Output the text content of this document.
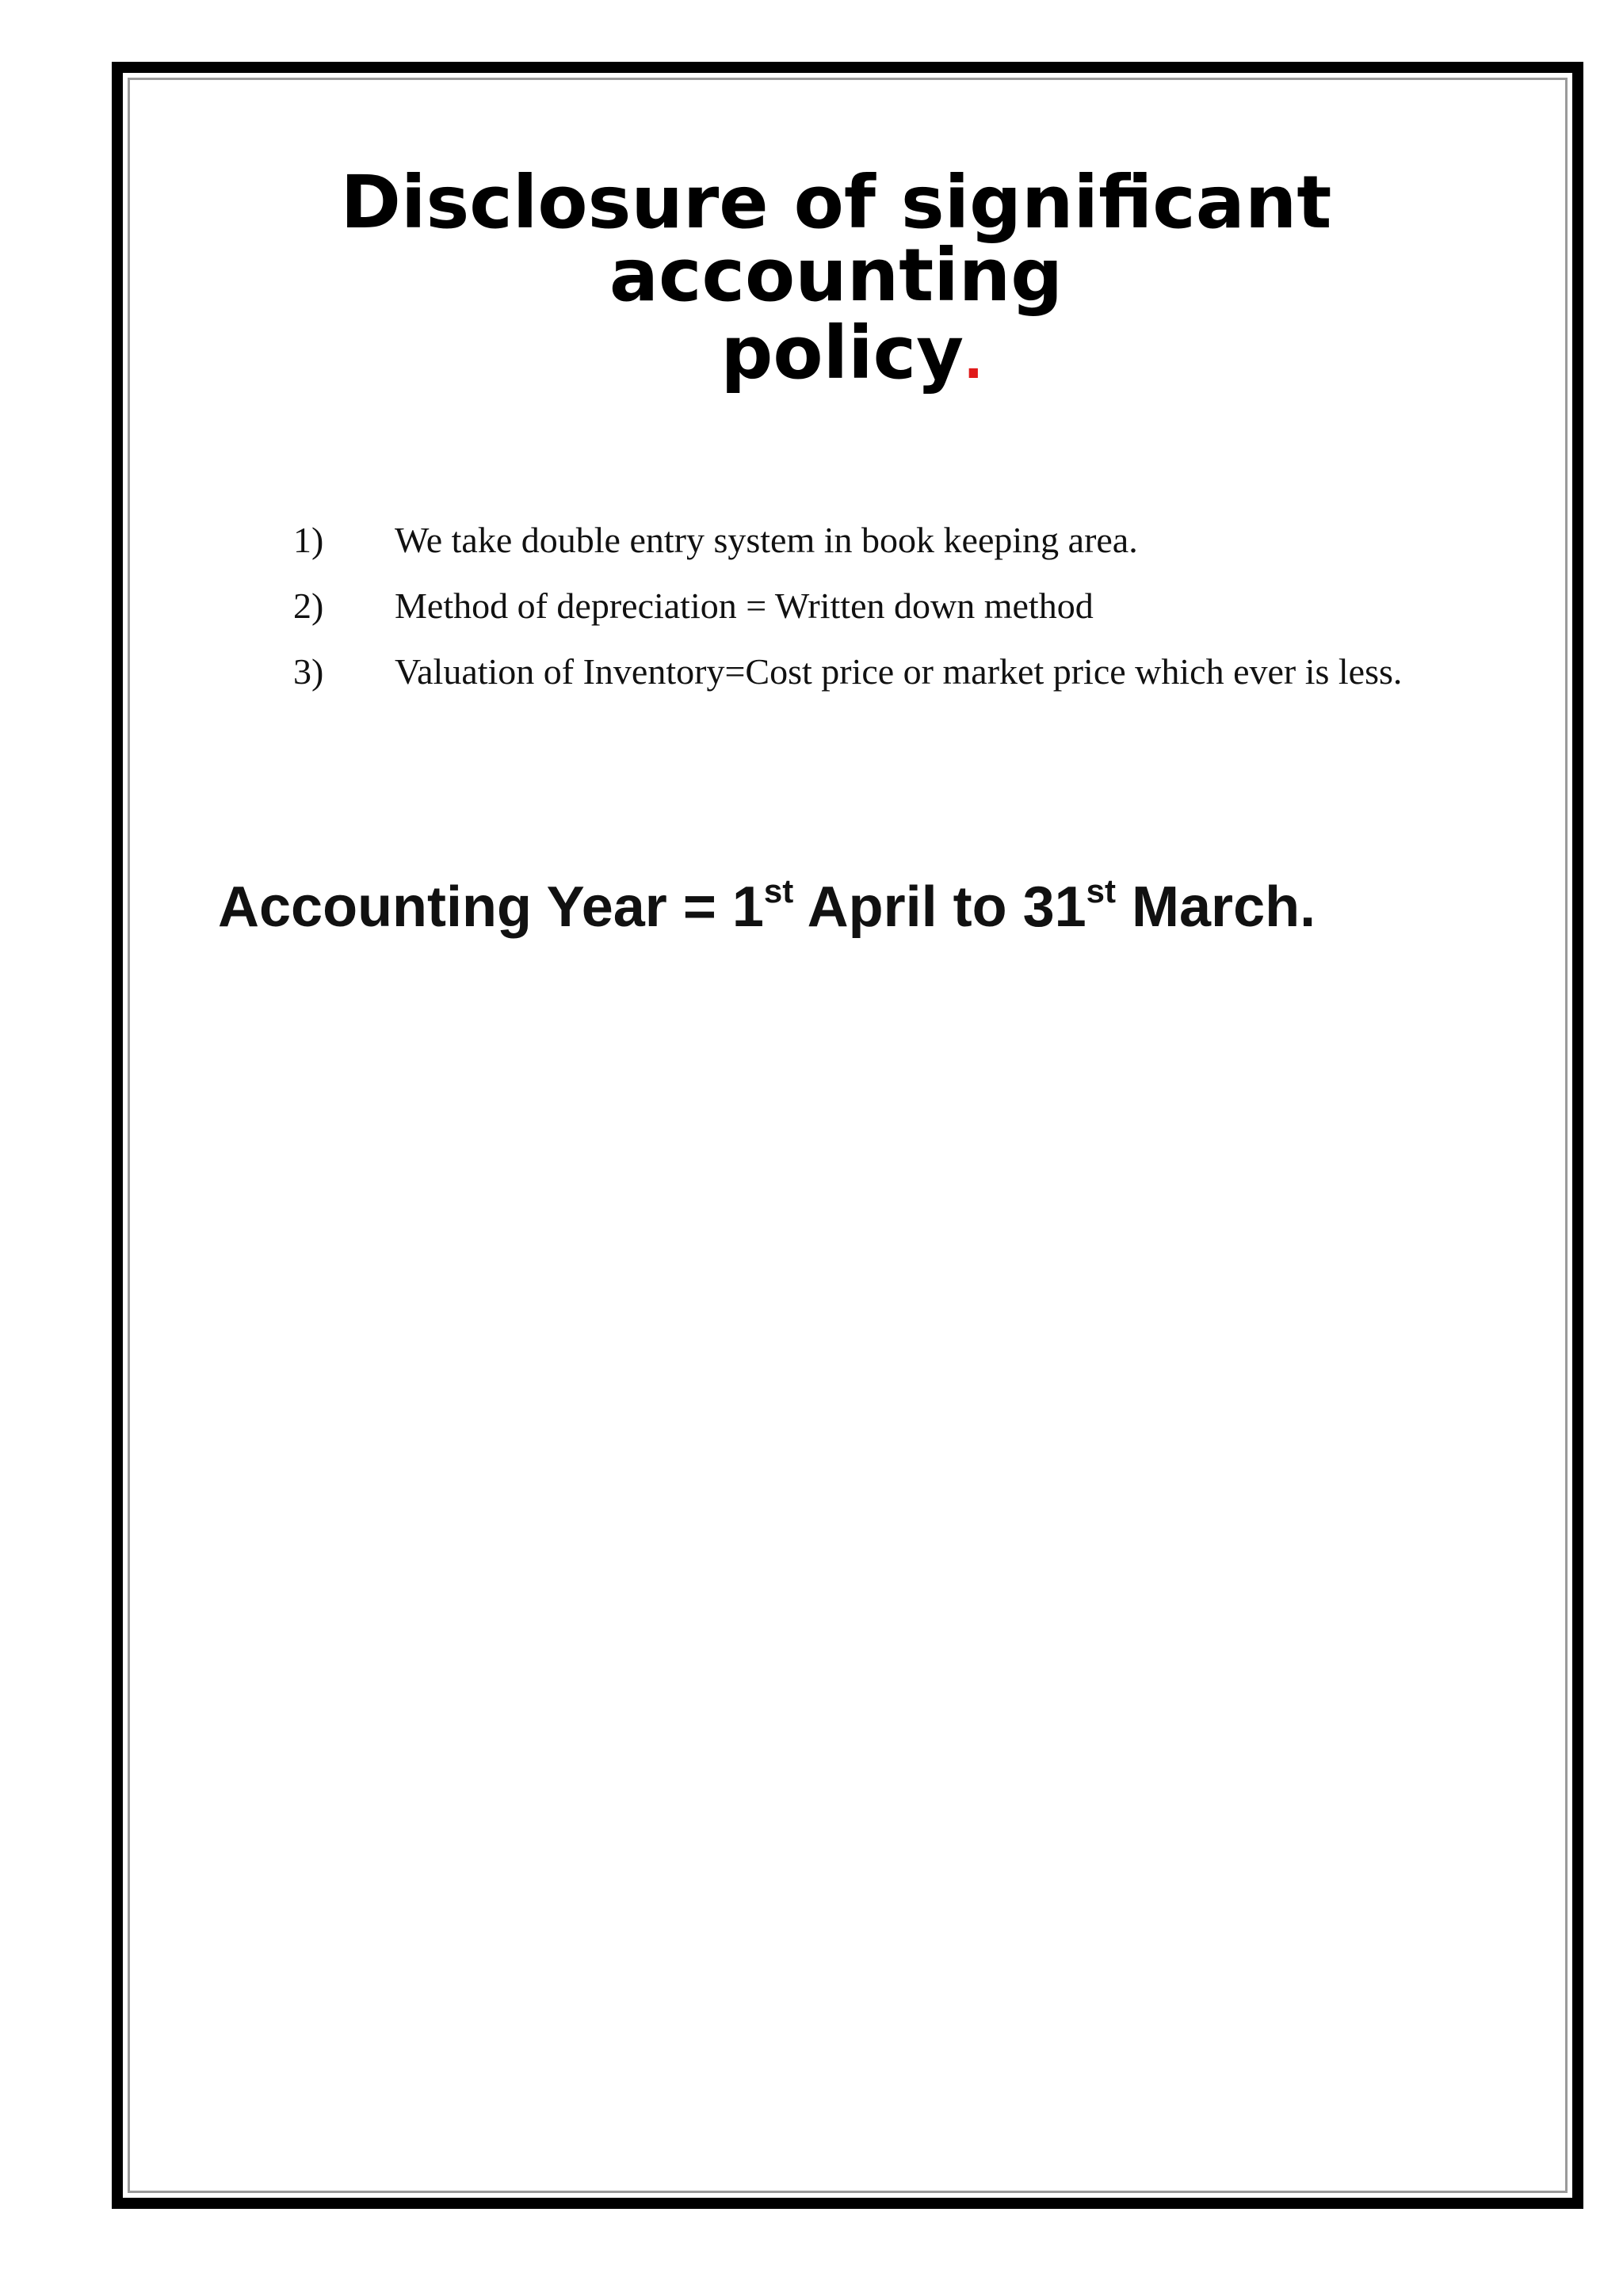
Disclosure of significant accounting
policy.
1)	We take double entry system in book keeping area.
2)	Method of depreciation = Written down method
3)	Valuation of Inventory=Cost price or market price which ever is less.

Accounting Year = 1st April to 31st March.
